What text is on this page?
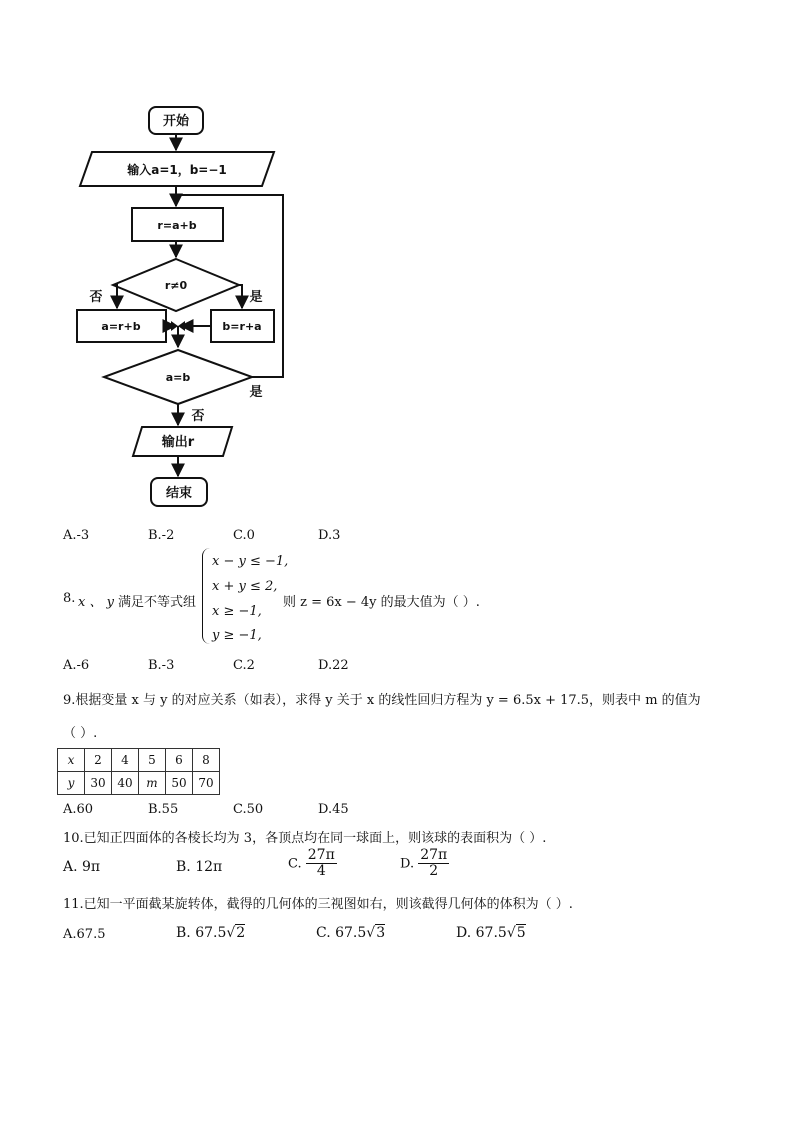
开始
输入a=1，b=−1
r=a+b
r≠0
否	是
a=r+b	b=r+a
a=b
是
否
输出r
结束
A.-3	B.-2	C.0	D.3
8. x 、 y 满足不等式组
x − y ≤ −1,
x + y ≤ 2,
x ≥ −1,
y ≥ −1,
则 z = 6x − 4y 的最大值为（ ）.
A.-6	B.-3	C.2	D.22
9.根据变量 x 与 y 的对应关系（如表），求得 y 关于 x 的线性回归方程为 y = 6.5x + 17.5，则表中 m 的值为
（ ）.
x	2	4	5	6	8
y	30	40	m	50	70
A.60	B.55	C.50	D.45
10.已知正四面体的各棱长均为 3，各顶点均在同一球面上，则该球的表面积为（ ）.
A. 9π	B. 12π	C. $\frac{27\pi}{4}$	D. $\frac{27\pi}{2}$
11.已知一平面截某旋转体，截得的几何体的三视图如右，则该截得几何体的体积为（ ）.
A.67.5	B. 67.5√2	C. 67.5√3	D. 67.5√5
